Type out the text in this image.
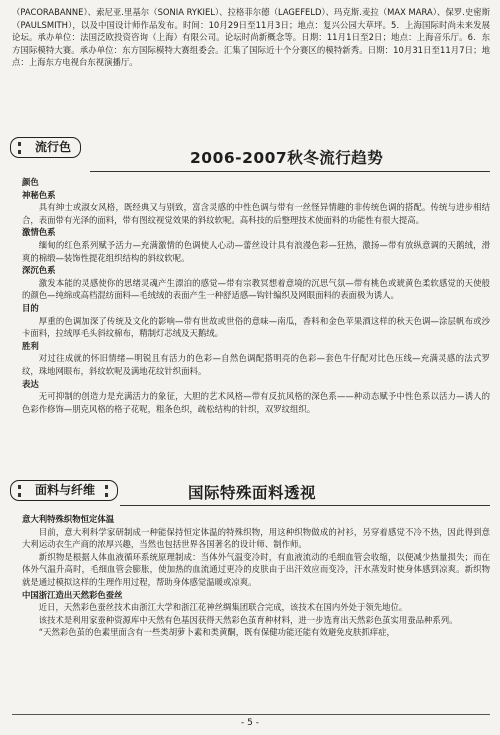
（PACORABANNE）、索尼亚.里基尔（SONIA RYKIEL）、拉格菲尔德（LAGEFELD）、玛克斯.麦拉（MAX MARA）、保罗.史密斯（PAULSMITH），以及中国设计师作品发布。时间：10月29日至11月3日；地点：复兴公园大草坪。5．上海国际时尚未来发展论坛。承办单位：法国泛欧投资咨询（上海）有限公司。论坛时尚新概念等。日期：11月1日至2日；地点：上海音乐厅。6．东方国际模特大赛。承办单位：东方国际模特大赛组委会。汇集了国际近十个分赛区的模特新秀。日期：10月31日至11月7日；地点：上海东方电视台东视演播厅。

流行色
2006-2007秋冬流行趋势

颜色

神秘色系

具有绅士或淑女风格，既经典又与别致，富含灵感的中性色调与带有一丝怪异情趣的非传统色调的搭配。传统与进步相结合，表面带有光泽的面料，带有图纹视觉效果的斜纹软呢。高科技的后整理技术使面料的功能性有很大提高。

激情色系

缅甸的红色系列赋予活力—充满激情的色调使人心动—蕾丝设计具有浪漫色彩—狂热，激扬—带有放纵意调的天鹅绒，滑爽的棉缎—装饰性提花组织结构的斜纹软呢。

深沉色系

激发本能的灵感使你的思绪灵魂产生漂泊的感觉—带有宗教冥想着意境的沉思气氛—带有桃色或琥黄色柔软感觉的天使般的颜色—纯绵或高档混纺面料—毛绒绒的表面产生一种舒适感—钩针编织及网眼面料的表面极为诱人。

目的

厚重的色调加深了传统及文化的影响—带有世故或世俗的意味—南瓜，香料和金色苹果酒这样的秋天色调—涂层帆布或沙卡面料，拉绒厚毛头斜纹棉布，精制灯芯绒及天鹅绒。

胜利

对过往成就的怀旧情绪—明锐且有活力的色彩—自然色调配搭明亮的色彩—套色牛仔配对比色压线—充满灵感的法式罗纹，珠地网眼布，斜纹软呢及满地花纹针织面料。

表达

无可抑制的创造力是充满活力的象征，大胆的艺术风格—带有反抗风格的深色系——种动态赋予中性色系以活力—诱人的色彩作修饰—朋克风格的格子花呢，粗条色织，疏松结构的针织，双罗纹组织。

面料与纤维	国际特殊面料透视

意大利特殊织物恒定体温

目前，意大利科学家研制成一种能保持恒定体温的特殊织物，用这种织物做成的衬衫，另穿着感觉不冷不热，因此得到意大利运动衣生产商的浓厚兴趣，当然也包括世界各国著名的设计师、制作师。

新织物是根据人体血液循环系统原理制成：当体外气温变冷时，有血液流动的毛细血管会收缩，以便减少热量损失；而在体外气温升高时，毛细血管会膨胀，使加热的血流通过更冷的皮肤由于出汗效应而变冷，汗水蒸发时使身体感到凉爽。新织物就是通过模拟这样的生理作用过程，帮助身体感觉温暖或凉爽。

中国浙江造出天然彩色蚕丝

近日，天然彩色蚕丝技术由浙江大学和浙江花神丝绸集团联合完成，该技术在国内外处于领先地位。

该技术是利用家蚕种资源库中天然有色基因获得天然彩色茧育种材料，进一步选育出天然彩色茧实用蚕品种系列。

“天然彩色茧的色素里面含有一些类胡萝卜素和类黄酮，既有保健功能还能有效避免皮肤抓痒症，

- 5 -
